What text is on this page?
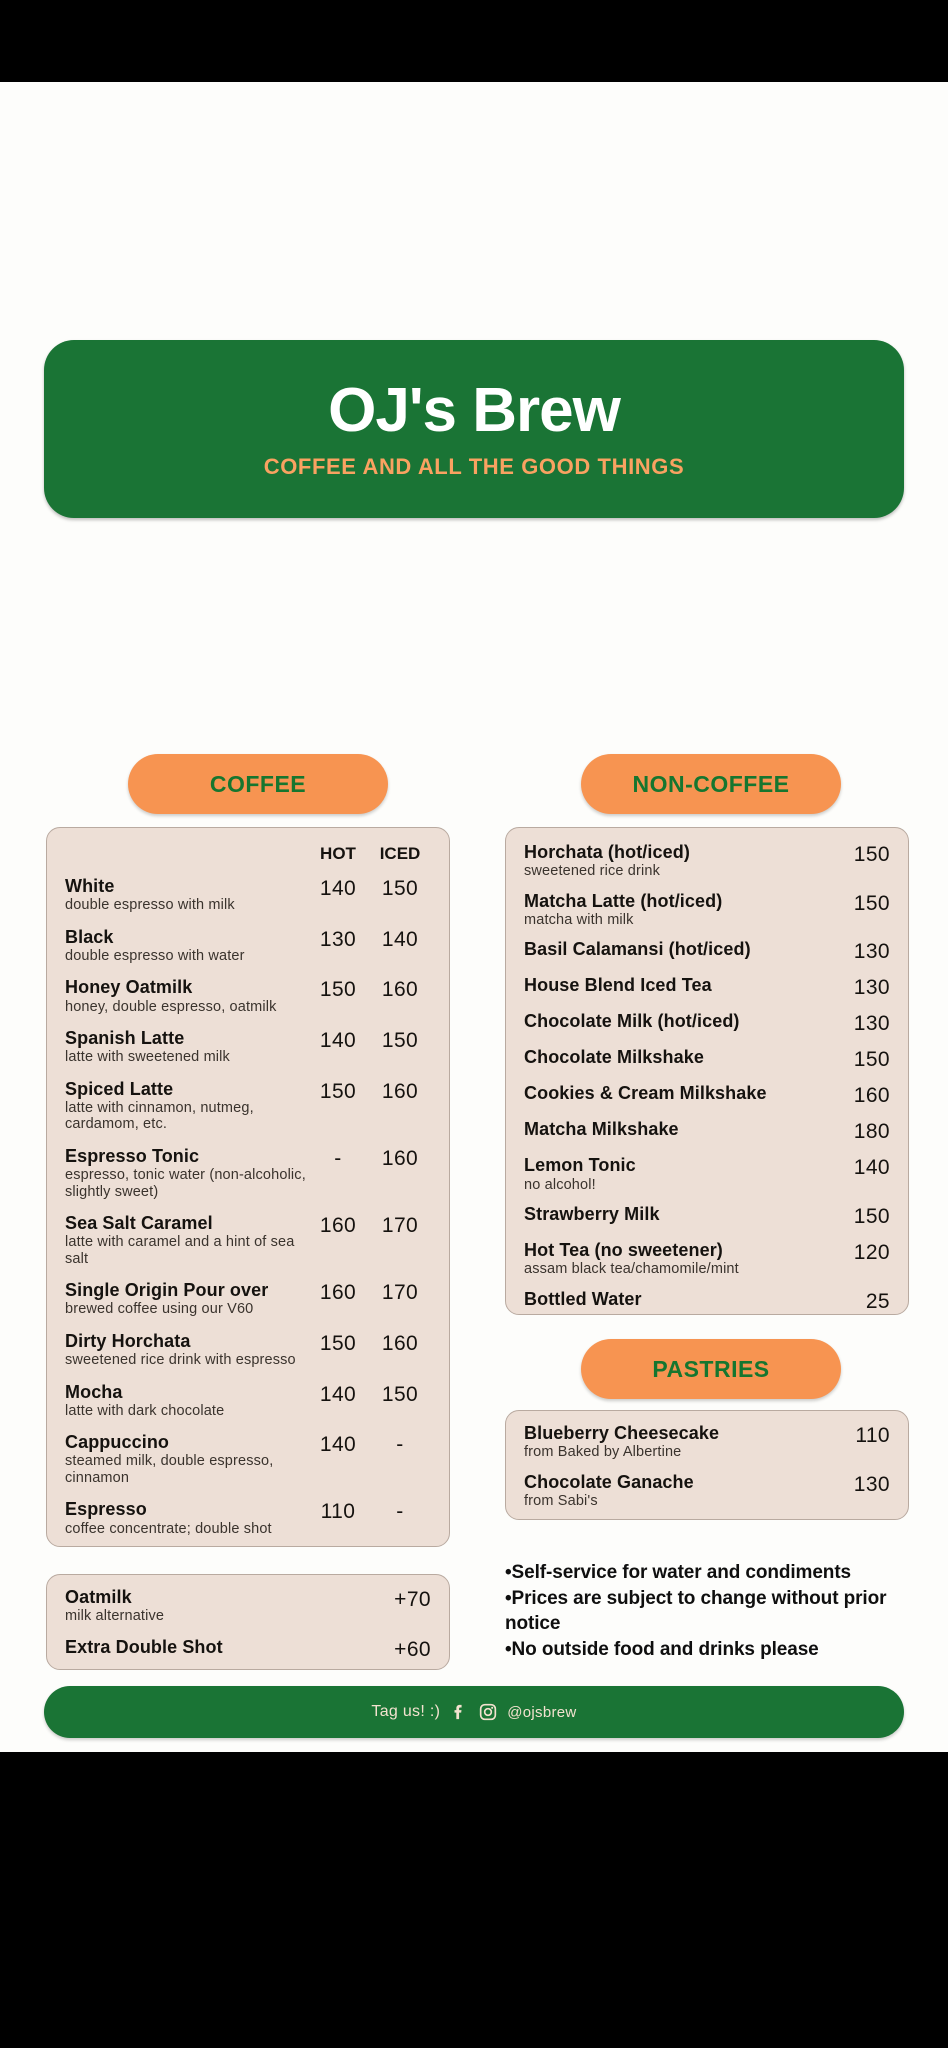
OJ's Brew
COFFEE AND ALL THE GOOD THINGS
COFFEE	NON-COFFEE
PASTRIES
	HOT	ICED

White
double espresso with milk	140	150

Black
double espresso with water	130	140

Honey Oatmilk
honey, double espresso, oatmilk	150	160

Spanish Latte
latte with sweetened milk	140	150

Spiced Latte
latte with cinnamon, nutmeg, cardamom, etc.	150	160

Espresso Tonic
espresso, tonic water (non-alcoholic, slightly sweet)	-	160

Sea Salt Caramel
latte with caramel and a hint of sea salt	160	170

Single Origin Pour over
brewed coffee using our V60	160	170

Dirty Horchata
sweetened rice drink with espresso	150	160

Mocha
latte with dark chocolate	140	150

Cappuccino
steamed milk, double espresso, cinnamon	140	-

Espresso
coffee concentrate; double shot	110	-
Oatmilk
milk alternative	+70

Extra Double Shot	+60
Horchata (hot/iced)
sweetened rice drink	150

Matcha Latte (hot/iced)
matcha with milk	150

Basil Calamansi (hot/iced)	130

House Blend Iced Tea	130

Chocolate Milk (hot/iced)	130

Chocolate Milkshake	150

Cookies & Cream Milkshake	160

Matcha Milkshake	180

Lemon Tonic
no alcohol!	140

Strawberry Milk	150

Hot Tea (no sweetener)
assam black tea/chamomile/mint	120

Bottled Water	25
Blueberry Cheesecake
from Baked by Albertine	110

Chocolate Ganache
from Sabi's	130
•Self-service for water and condiments
•Prices are subject to change without prior notice
•No outside food and drinks please
Tag us! :)	@ojsbrew
